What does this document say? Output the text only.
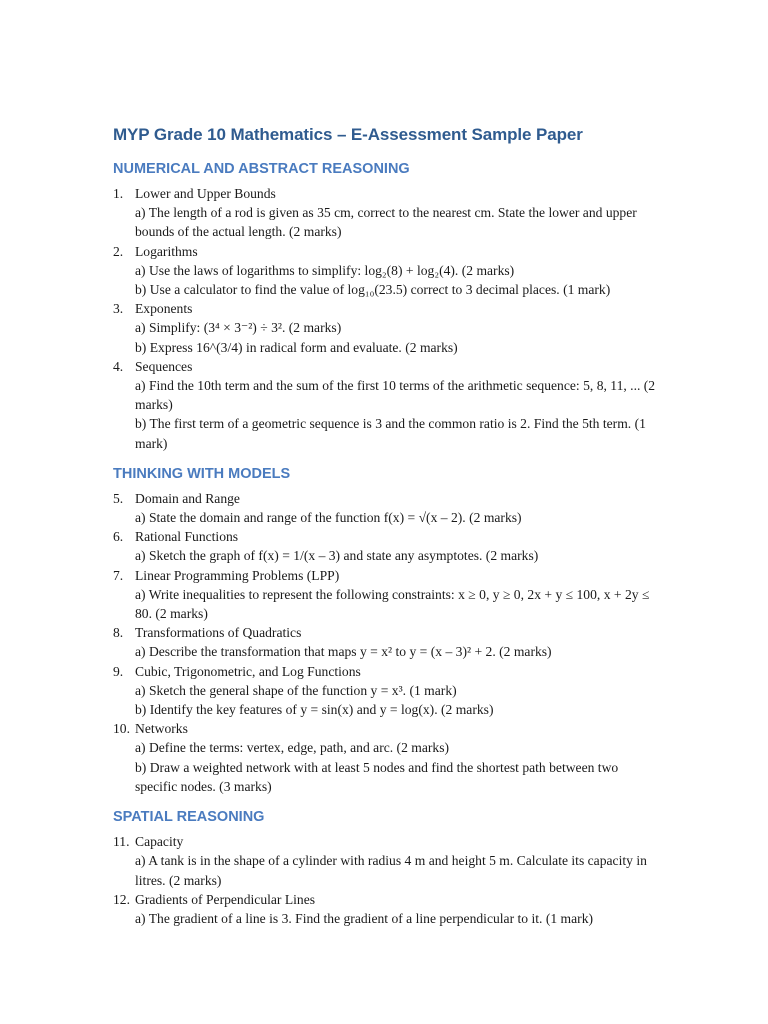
MYP Grade 10 Mathematics – E-Assessment Sample Paper
NUMERICAL AND ABSTRACT REASONING
1. Lower and Upper Bounds
a) The length of a rod is given as 35 cm, correct to the nearest cm. State the lower and upper bounds of the actual length. (2 marks)
2. Logarithms
a) Use the laws of logarithms to simplify: log₂(8) + log₂(4). (2 marks)
b) Use a calculator to find the value of log₁₀(23.5) correct to 3 decimal places. (1 mark)
3. Exponents
a) Simplify: (3⁴ × 3⁻²) ÷ 3². (2 marks)
b) Express 16^(3/4) in radical form and evaluate. (2 marks)
4. Sequences
a) Find the 10th term and the sum of the first 10 terms of the arithmetic sequence: 5, 8, 11, ... (2 marks)
b) The first term of a geometric sequence is 3 and the common ratio is 2. Find the 5th term. (1 mark)
THINKING WITH MODELS
5. Domain and Range
a) State the domain and range of the function f(x) = √(x – 2). (2 marks)
6. Rational Functions
a) Sketch the graph of f(x) = 1/(x – 3) and state any asymptotes. (2 marks)
7. Linear Programming Problems (LPP)
a) Write inequalities to represent the following constraints: x ≥ 0, y ≥ 0, 2x + y ≤ 100, x + 2y ≤ 80. (2 marks)
8. Transformations of Quadratics
a) Describe the transformation that maps y = x² to y = (x – 3)² + 2. (2 marks)
9. Cubic, Trigonometric, and Log Functions
a) Sketch the general shape of the function y = x³. (1 mark)
b) Identify the key features of y = sin(x) and y = log(x). (2 marks)
10. Networks
a) Define the terms: vertex, edge, path, and arc. (2 marks)
b) Draw a weighted network with at least 5 nodes and find the shortest path between two specific nodes. (3 marks)
SPATIAL REASONING
11. Capacity
a) A tank is in the shape of a cylinder with radius 4 m and height 5 m. Calculate its capacity in litres. (2 marks)
12. Gradients of Perpendicular Lines
a) The gradient of a line is 3. Find the gradient of a line perpendicular to it. (1 mark)
